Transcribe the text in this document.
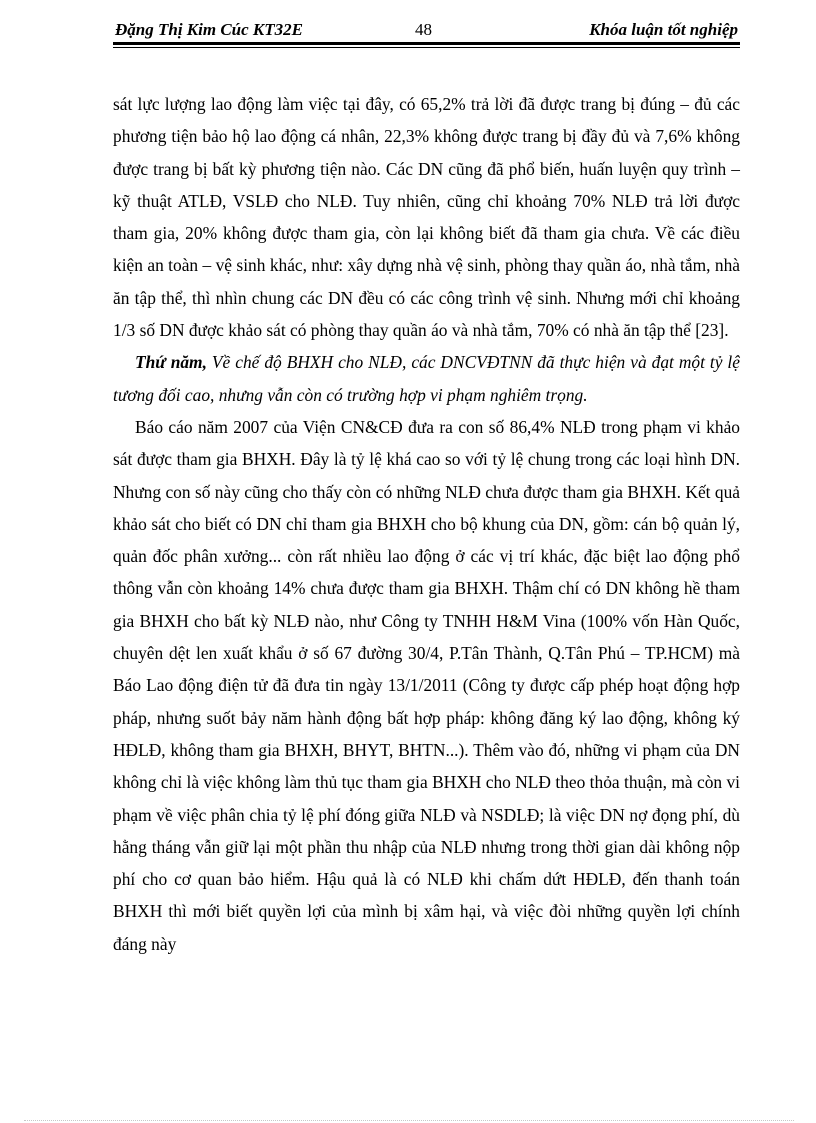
Đặng Thị Kim Cúc KT32E	48	Khóa luận tốt nghiệp

sát lực lượng lao động làm việc tại đây, có 65,2% trả lời đã được trang bị đúng – đủ các phương tiện bảo hộ lao động cá nhân, 22,3% không được trang bị đầy đủ và 7,6% không được trang bị bất kỳ phương tiện nào. Các DN cũng đã phổ biến, huấn luyện quy trình – kỹ thuật ATLĐ, VSLĐ cho NLĐ. Tuy nhiên, cũng chỉ khoảng 70% NLĐ trả lời được tham gia, 20% không được tham gia, còn lại không biết đã tham gia chưa. Về các điều kiện an toàn – vệ sinh khác, như: xây dựng nhà vệ sinh, phòng thay quần áo, nhà tắm, nhà ăn tập thể, thì nhìn chung các DN đều có các công trình vệ sinh. Nhưng mới chỉ khoảng 1/3 số DN được khảo sát có phòng thay quần áo và nhà tắm, 70% có nhà ăn tập thể [23].

Thứ năm, Về chế độ BHXH cho NLĐ, các DNCVĐTNN đã thực hiện và đạt một tỷ lệ tương đối cao, nhưng vẫn còn có trường hợp vi phạm nghiêm trọng.

Báo cáo năm 2007 của Viện CN&CĐ đưa ra con số 86,4% NLĐ trong phạm vi khảo sát được tham gia BHXH. Đây là tỷ lệ khá cao so với tỷ lệ chung trong các loại hình DN. Nhưng con số này cũng cho thấy còn có những NLĐ chưa được tham gia BHXH. Kết quả khảo sát cho biết có DN chỉ tham gia BHXH cho bộ khung của DN, gồm: cán bộ quản lý, quản đốc phân xưởng... còn rất nhiều lao động ở các vị trí khác, đặc biệt lao động phổ thông vẫn còn khoảng 14% chưa được tham gia BHXH. Thậm chí có DN không hề tham gia BHXH cho bất kỳ NLĐ nào, như Công ty TNHH H&M Vina (100% vốn Hàn Quốc, chuyên dệt len xuất khẩu ở số 67 đường 30/4, P.Tân Thành, Q.Tân Phú – TP.HCM) mà Báo Lao động điện tử đã đưa tin ngày 13/1/2011 (Công ty được cấp phép hoạt động hợp pháp, nhưng suốt bảy năm hành động bất hợp pháp: không đăng ký lao động, không ký HĐLĐ, không tham gia BHXH, BHYT, BHTN...). Thêm vào đó, những vi phạm của DN không chỉ là việc không làm thủ tục tham gia BHXH cho NLĐ theo thỏa thuận, mà còn vi phạm về việc phân chia tỷ lệ phí đóng giữa NLĐ và NSDLĐ; là việc DN nợ đọng phí, dù hằng tháng vẫn giữ lại một phần thu nhập của NLĐ nhưng trong thời gian dài không nộp phí cho cơ quan bảo hiểm. Hậu quả là có NLĐ khi chấm dứt HĐLĐ, đến thanh toán BHXH thì mới biết quyền lợi của mình bị xâm hại, và việc đòi những quyền lợi chính đáng này
